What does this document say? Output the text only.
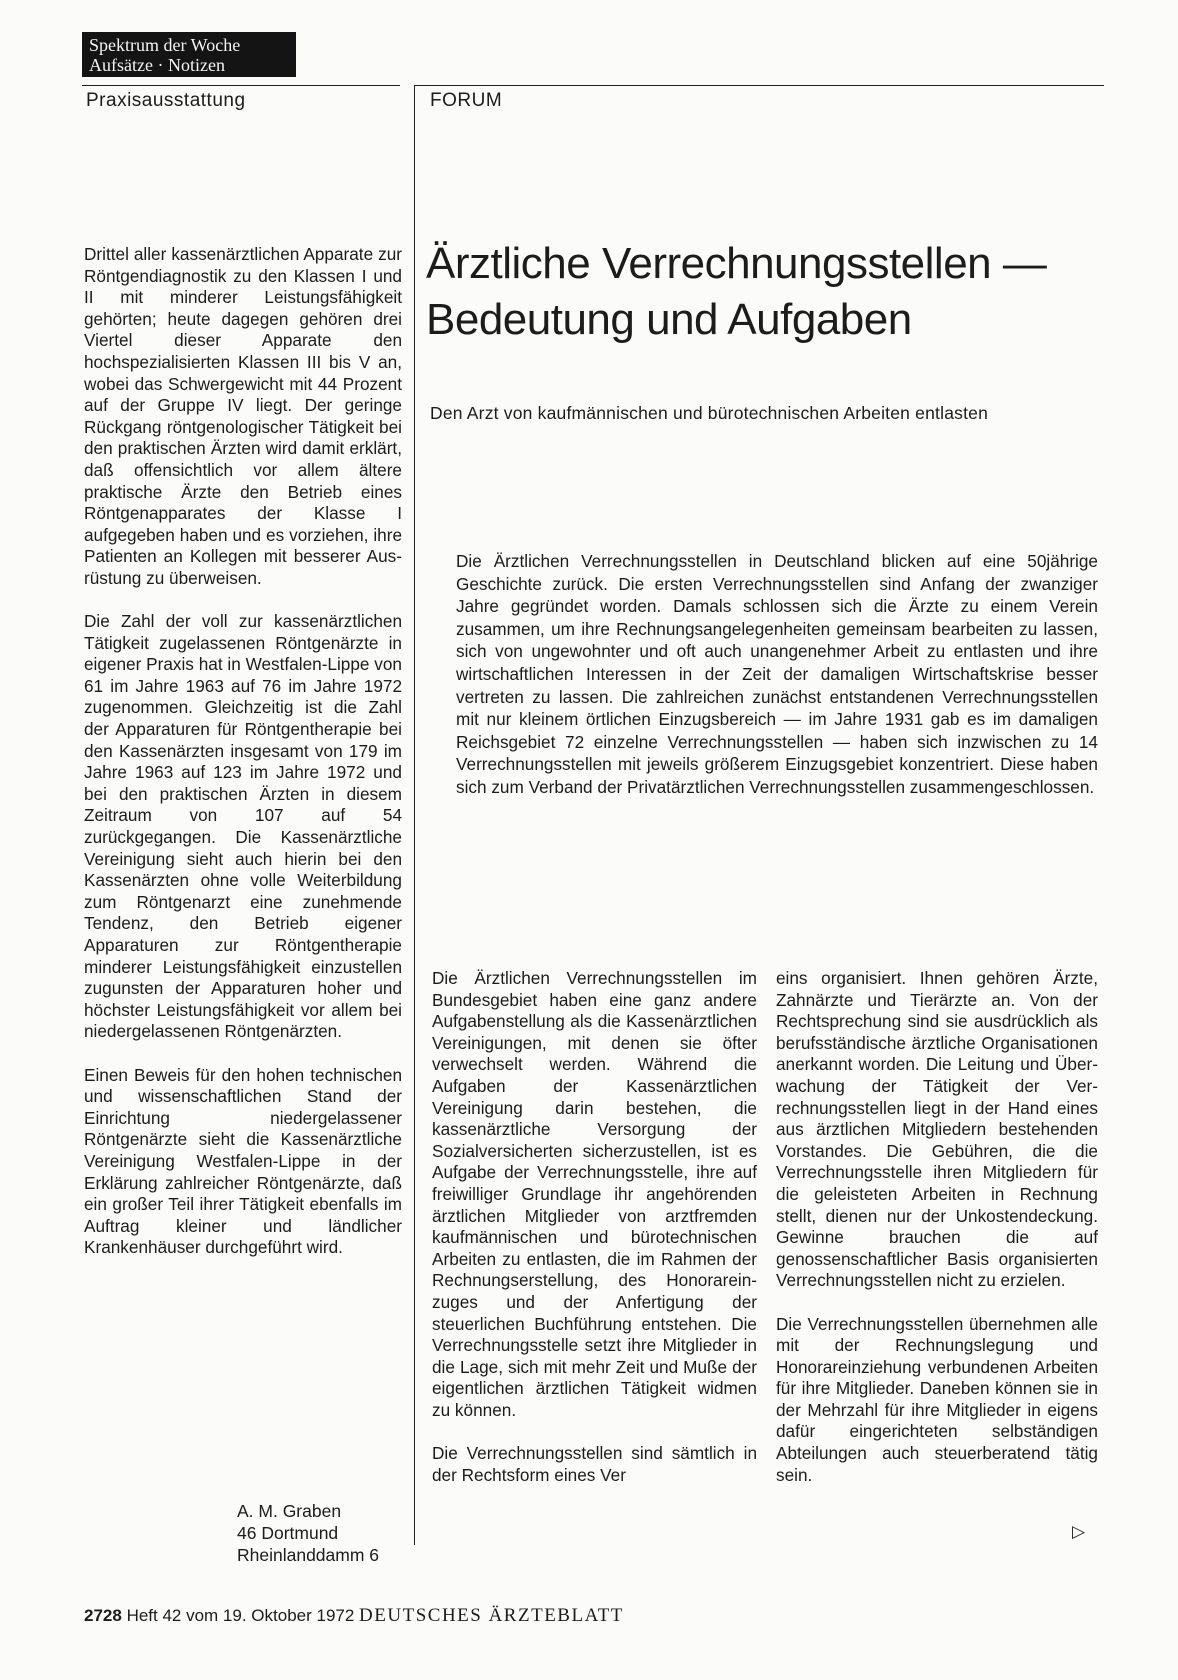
Spektrum der Woche
Aufsätze · Notizen
Praxisausstattung	FORUM

Drittel aller kassenärztlichen Apparate zur Röntgendiagnostik zu den Klassen I und II mit minderer Leistungsfähigkeit gehörten; heute dagegen gehören drei Viertel dieser Apparate den hochspezialisierten Klassen III bis V an, wobei das Schwergewicht mit 44 Prozent auf der Gruppe IV liegt. Der geringe Rückgang röntgenologischer Tätigkeit bei den praktischen Ärzten wird damit erklärt, daß offensichtlich vor allem ältere praktische Ärzte den Betrieb eines Röntgenapparates der Klasse I aufgegeben haben und es vorziehen, ihre Patienten an Kollegen mit besserer Ausrüstung zu überweisen.

Die Zahl der voll zur kassenärztlichen Tätigkeit zugelassenen Röntgenärzte in eigener Praxis hat in Westfalen-Lippe von 61 im Jahre 1963 auf 76 im Jahre 1972 zugenommen. Gleichzeitig ist die Zahl der Apparaturen für Röntgentherapie bei den Kassenärzten insgesamt von 179 im Jahre 1963 auf 123 im Jahre 1972 und bei den praktischen Ärzten in diesem Zeitraum von 107 auf 54 zurückgegangen. Die Kassenärztliche Vereinigung sieht auch hierin bei den Kassenärzten ohne volle Weiterbildung zum Röntgenarzt eine zunehmende Tendenz, den Betrieb eigener Apparaturen zur Röntgentherapie minderer Leistungsfähigkeit einzustellen zugunsten der Apparaturen hoher und höchster Leistungsfähigkeit vor allem bei niedergelassenen Röntgenärzten.

Einen Beweis für den hohen technischen und wissenschaftlichen Stand der Einrichtung niedergelassener Röntgenärzte sieht die Kassenärztliche Vereinigung Westfalen-Lippe in der Erklärung zahlreicher Röntgenärzte, daß ein großer Teil ihrer Tätigkeit ebenfalls im Auftrag kleiner und ländlicher Krankenhäuser durchgeführt wird.

A. M. Graben
46 Dortmund
Rheinlanddamm 6
Ärztliche Verrechnungsstellen —
Bedeutung und Aufgaben
Den Arzt von kaufmännischen und bürotechnischen Arbeiten entlasten
Die Ärztlichen Verrechnungsstellen in Deutschland blicken auf eine 50jährige Geschichte zurück. Die ersten Verrechnungsstellen sind Anfang der zwanziger Jahre gegründet worden. Damals schlossen sich die Ärzte zu einem Verein zusammen, um ihre Rechnungsangelegenheiten gemeinsam bearbeiten zu lassen, sich von ungewohnter und oft auch unangenehmer Arbeit zu entlasten und ihre wirtschaftlichen Interessen in der Zeit der damaligen Wirtschaftskrise besser vertreten zu lassen. Die zahlreichen zunächst entstandenen Verrechnungsstellen mit nur kleinem örtlichen Einzugsbereich — im Jahre 1931 gab es im damaligen Reichsgebiet 72 einzelne Verrechnungsstellen — haben sich inzwischen zu 14 Verrechnungsstellen mit jeweils größerem Einzugsgebiet konzentriert. Diese haben sich zum Verband der Privatärztlichen Verrechnungsstellen zusammengeschlossen.

Die Ärztlichen Verrechnungsstellen im Bundesgebiet haben eine ganz andere Aufgabenstellung als die Kassenärztlichen Vereinigungen, mit denen sie öfter verwechselt werden. Während die Aufgaben der Kassenärztlichen Vereinigung darin bestehen, die kassenärztliche Versorgung der Sozialversicherten sicherzustellen, ist es Aufgabe der Verrechnungsstelle, ihre auf freiwilliger Grundlage ihr angehörenden ärztlichen Mitglieder von arztfremden kaufmännischen und bürotechnischen Arbeiten zu entlasten, die im Rahmen der Rechnungserstellung, des Honorareinzuges und der Anfertigung der steuerlichen Buchführung entstehen. Die Verrechnungsstelle setzt ihre Mitglieder in die Lage, sich mit mehr Zeit und Muße der eigentlichen ärztlichen Tätigkeit widmen zu können.

Die Verrechnungsstellen sind sämtlich in der Rechtsform eines Ver

eins organisiert. Ihnen gehören Ärzte, Zahnärzte und Tierärzte an. Von der Rechtsprechung sind sie ausdrücklich als berufsständische ärztliche Organisationen anerkannt worden. Die Leitung und Überwachung der Tätigkeit der Verrechnungsstellen liegt in der Hand eines aus ärztlichen Mitgliedern bestehenden Vorstandes. Die Gebühren, die die Verrechnungsstelle ihren Mitgliedern für die geleisteten Arbeiten in Rechnung stellt, dienen nur der Unkostendeckung. Gewinne brauchen die auf genossenschaftlicher Basis organisierten Verrechnungsstellen nicht zu erzielen.

Die Verrechnungsstellen übernehmen alle mit der Rechnungslegung und Honorareinziehung verbundenen Arbeiten für ihre Mitglieder. Daneben können sie in der Mehrzahl für ihre Mitglieder in eigens dafür eingerichteten selbständigen Abteilungen auch steuerberatend tätig sein.

▷
2728 Heft 42 vom 19. Oktober 1972 DEUTSCHES ÄRZTEBLATT
